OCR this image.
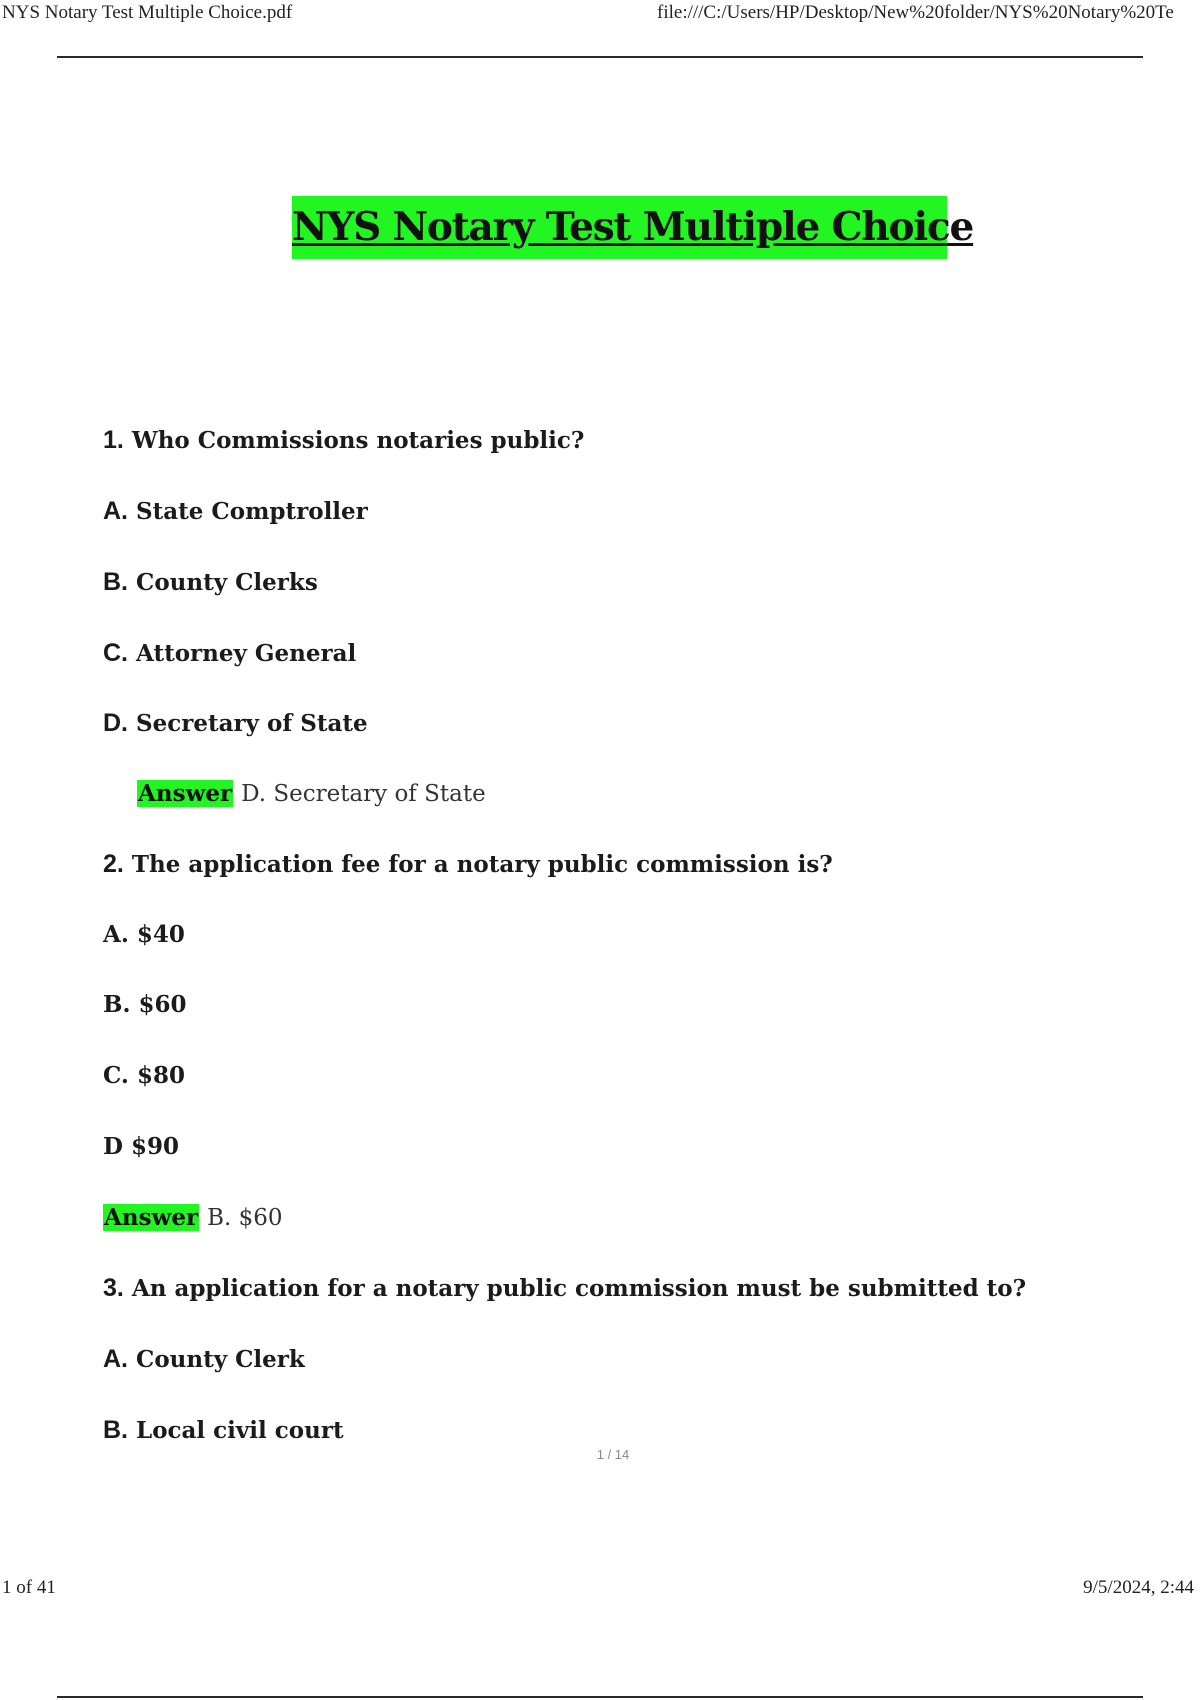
NYS Notary Test Multiple Choice.pdf	file:///C:/Users/HP/Desktop/New%20folder/NYS%20Notary%20Te
NYS Notary Test Multiple Choice
1. Who Commissions notaries public?
A. State Comptroller
B. County Clerks
C. Attorney General
D. Secretary of State
Answer D. Secretary of State
2. The application fee for a notary public commission is?
A. $40
B. $60
C. $80
D $90
Answer B. $60
3. An application for a notary public commission must be submitted to?
A. County Clerk
B. Local civil court
1 / 14
1 of 41	9/5/2024, 2:44
